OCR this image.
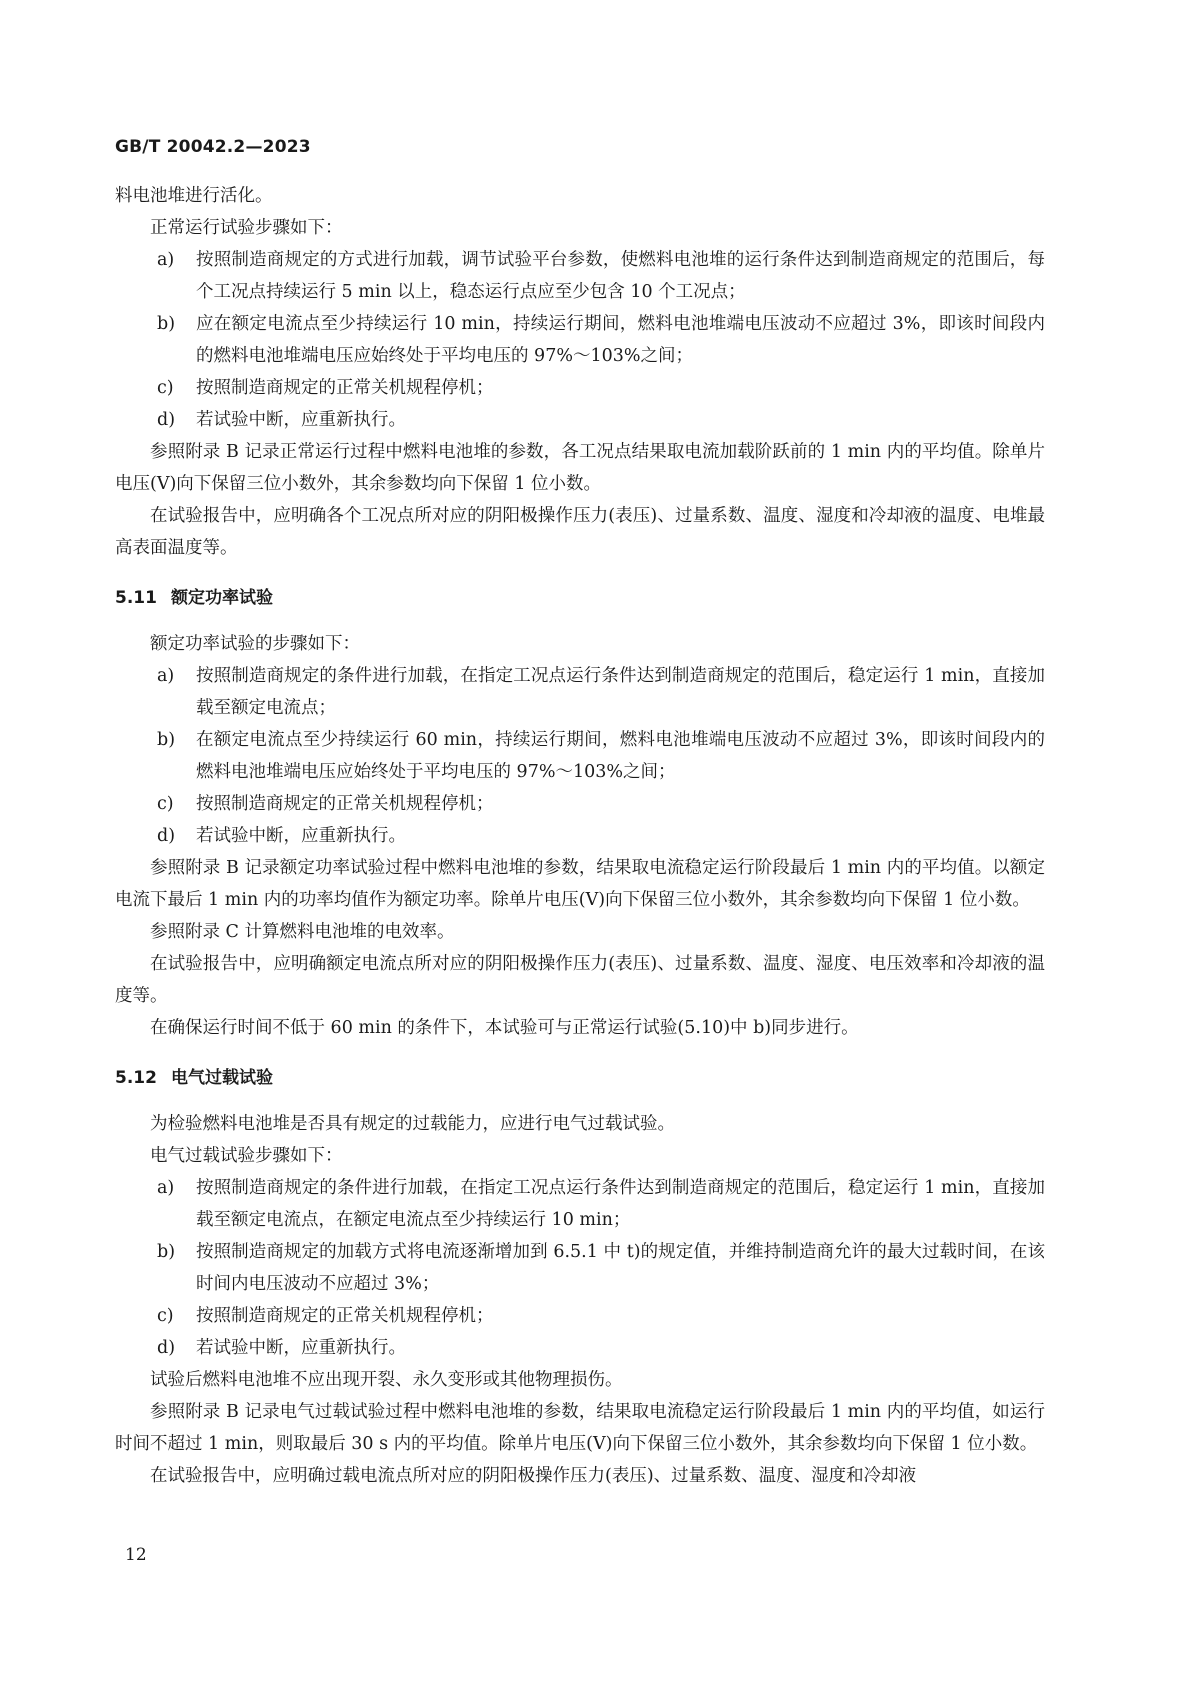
GB/T 20042.2—2023
料电池堆进行活化。
正常运行试验步骤如下：
a) 按照制造商规定的方式进行加载，调节试验平台参数，使燃料电池堆的运行条件达到制造商规定的范围后，每个工况点持续运行 5 min 以上，稳态运行点应至少包含 10 个工况点；
b) 应在额定电流点至少持续运行 10 min，持续运行期间，燃料电池堆端电压波动不应超过 3%，即该时间段内的燃料电池堆端电压应始终处于平均电压的 97%～103%之间；
c) 按照制造商规定的正常关机规程停机；
d) 若试验中断，应重新执行。
参照附录 B 记录正常运行过程中燃料电池堆的参数，各工况点结果取电流加载阶跃前的 1 min 内的平均值。除单片电压(V)向下保留三位小数外，其余参数均向下保留 1 位小数。
在试验报告中，应明确各个工况点所对应的阴阳极操作压力(表压)、过量系数、温度、湿度和冷却液的温度、电堆最高表面温度等。
5.11 额定功率试验
额定功率试验的步骤如下：
a) 按照制造商规定的条件进行加载，在指定工况点运行条件达到制造商规定的范围后，稳定运行 1 min，直接加载至额定电流点；
b) 在额定电流点至少持续运行 60 min，持续运行期间，燃料电池堆端电压波动不应超过 3%，即该时间段内的燃料电池堆端电压应始终处于平均电压的 97%～103%之间；
c) 按照制造商规定的正常关机规程停机；
d) 若试验中断，应重新执行。
参照附录 B 记录额定功率试验过程中燃料电池堆的参数，结果取电流稳定运行阶段最后 1 min 内的平均值。以额定电流下最后 1 min 内的功率均值作为额定功率。除单片电压(V)向下保留三位小数外，其余参数均向下保留 1 位小数。
参照附录 C 计算燃料电池堆的电效率。
在试验报告中，应明确额定电流点所对应的阴阳极操作压力(表压)、过量系数、温度、湿度、电压效率和冷却液的温度等。
在确保运行时间不低于 60 min 的条件下，本试验可与正常运行试验(5.10)中 b)同步进行。
5.12 电气过载试验
为检验燃料电池堆是否具有规定的过载能力，应进行电气过载试验。
电气过载试验步骤如下：
a) 按照制造商规定的条件进行加载，在指定工况点运行条件达到制造商规定的范围后，稳定运行 1 min，直接加载至额定电流点，在额定电流点至少持续运行 10 min；
b) 按照制造商规定的加载方式将电流逐渐增加到 6.5.1 中 t)的规定值，并维持制造商允许的最大过载时间，在该时间内电压波动不应超过 3%；
c) 按照制造商规定的正常关机规程停机；
d) 若试验中断，应重新执行。
试验后燃料电池堆不应出现开裂、永久变形或其他物理损伤。
参照附录 B 记录电气过载试验过程中燃料电池堆的参数，结果取电流稳定运行阶段最后 1 min 内的平均值，如运行时间不超过 1 min，则取最后 30 s 内的平均值。除单片电压(V)向下保留三位小数外，其余参数均向下保留 1 位小数。
在试验报告中，应明确过载电流点所对应的阴阳极操作压力(表压)、过量系数、温度、湿度和冷却液
12
